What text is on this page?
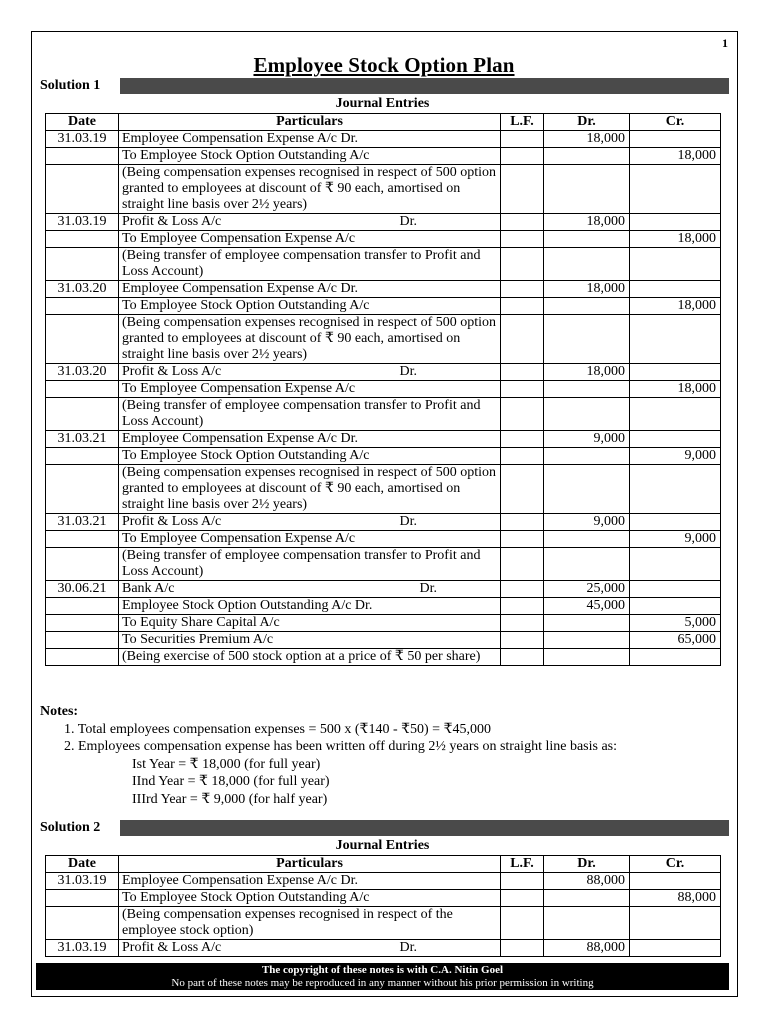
1
Employee Stock Option Plan
Solution 1
Journal Entries
Date	Particulars	L.F.	Dr.	Cr.
31.03.19	Employee Compensation Expense A/c Dr.		18,000	
	To Employee Stock Option Outstanding A/c			18,000
	(Being compensation expenses recognised in respect of 500 option granted to employees at discount of ₹ 90 each, amortised on straight line basis over 2½ years)			
31.03.19	Profit & Loss A/c Dr.		18,000	
	To Employee Compensation Expense A/c			18,000
	(Being transfer of employee compensation transfer to Profit and Loss Account)			
31.03.20	Employee Compensation Expense A/c Dr.		18,000	
	To Employee Stock Option Outstanding A/c			18,000
	(Being compensation expenses recognised in respect of 500 option granted to employees at discount of ₹ 90 each, amortised on straight line basis over 2½ years)			
31.03.20	Profit & Loss A/c Dr.		18,000	
	To Employee Compensation Expense A/c			18,000
	(Being transfer of employee compensation transfer to Profit and Loss Account)			
31.03.21	Employee Compensation Expense A/c Dr.		9,000	
	To Employee Stock Option Outstanding A/c			9,000
	(Being compensation expenses recognised in respect of 500 option granted to employees at discount of ₹ 90 each, amortised on straight line basis over 2½ years)			
31.03.21	Profit & Loss A/c Dr.		9,000	
	To Employee Compensation Expense A/c			9,000
	(Being transfer of employee compensation transfer to Profit and Loss Account)			
30.06.21	Bank A/c Dr.		25,000	
	Employee Stock Option Outstanding A/c Dr.		45,000	
	To Equity Share Capital A/c			5,000
	To Securities Premium A/c			65,000
	(Being exercise of 500 stock option at a price of ₹ 50 per share)			
Notes:
1. Total employees compensation expenses = 500 x (₹140 - ₹50) = ₹45,000
2. Employees compensation expense has been written off during 2½ years on straight line basis as:
Ist Year = ₹ 18,000 (for full year)
IInd Year = ₹ 18,000 (for full year)
IIIrd Year = ₹ 9,000 (for half year)
Solution 2
Journal Entries
Date	Particulars	L.F.	Dr.	Cr.
31.03.19	Employee Compensation Expense A/c Dr.		88,000	
	To Employee Stock Option Outstanding A/c			88,000
	(Being compensation expenses recognised in respect of the employee stock option)			
31.03.19	Profit & Loss A/c Dr.		88,000	
The copyright of these notes is with C.A. Nitin Goel
No part of these notes may be reproduced in any manner without his prior permission in writing
